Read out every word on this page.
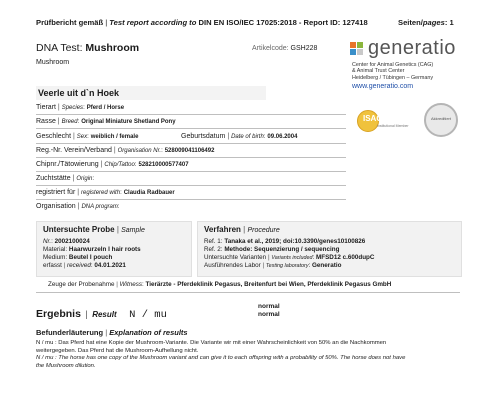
Prüfbericht gemäß | Test report according to DIN EN ISO/IEC 17025:2018 - Report ID: 127418	Seiten/pages: 1
DNA Test: Mushroom
Mushroom
Artikelcode: GSH228	generatio
Center for Animal Genetics (CAG)
& Animal Trust Center
Heidelberg / Tübingen – Germany
www.generatio.com
Veerle uit d`n Hoek
Tierart | Species: Pferd / Horse
Rasse | Breed: Original Miniature Shetland Pony
Geschlecht | Sex: weiblich / female	Geburtsdatum | Date of birth: 09.06.2004
Reg.-Nr. Verein/Verband | Organisation Nr.: 528009041106492
Chipnr./Tätowierung | Chip/Tattoo: 528210000577407
Zuchtstätte | Origin:
registriert für | registered with: Claudia Radbauer
Organisation | DNA program:
ISAG
Institutional Member
Akkreditiert
Untersuchte Probe | Sample
Nr.: 2002100024
Material: Haarwurzeln I hair roots
Medium: Beutel I pouch
erfasst | received: 04.01.2021
Verfahren | Procedure
Ref. 1: Tanaka et al., 2019; doi:10.3390/genes10100826
Ref. 2: Methode: Sequenzierung / sequencing
Untersuchte Varianten | Variants included: MFSD12 c.600dupC
Ausführendes Labor | Testing laboratory: Generatio
Zeuge der Probenahme | Witness: Tierärzte - Pferdeklinik Pegasus, Breitenfurt bei Wien, Pferdeklinik Pegasus GmbH
Ergebnis | Result N / mu
normal
normal
Befunderläuterung | Explanation of results
N / mu : Das Pferd hat eine Kopie der Mushroom-Variante. Die Variante wir mit einer Wahrscheinlichkeit von 50% an die Nachkommen
weitergegeben. Das Pferd hat die Mushroom-Aufhellung nicht.
N / mu : The horse has one copy of the Mushroom variant and can give it to each offspring with a probability of 50%. The horse does not have
the Mushroom dilution.
